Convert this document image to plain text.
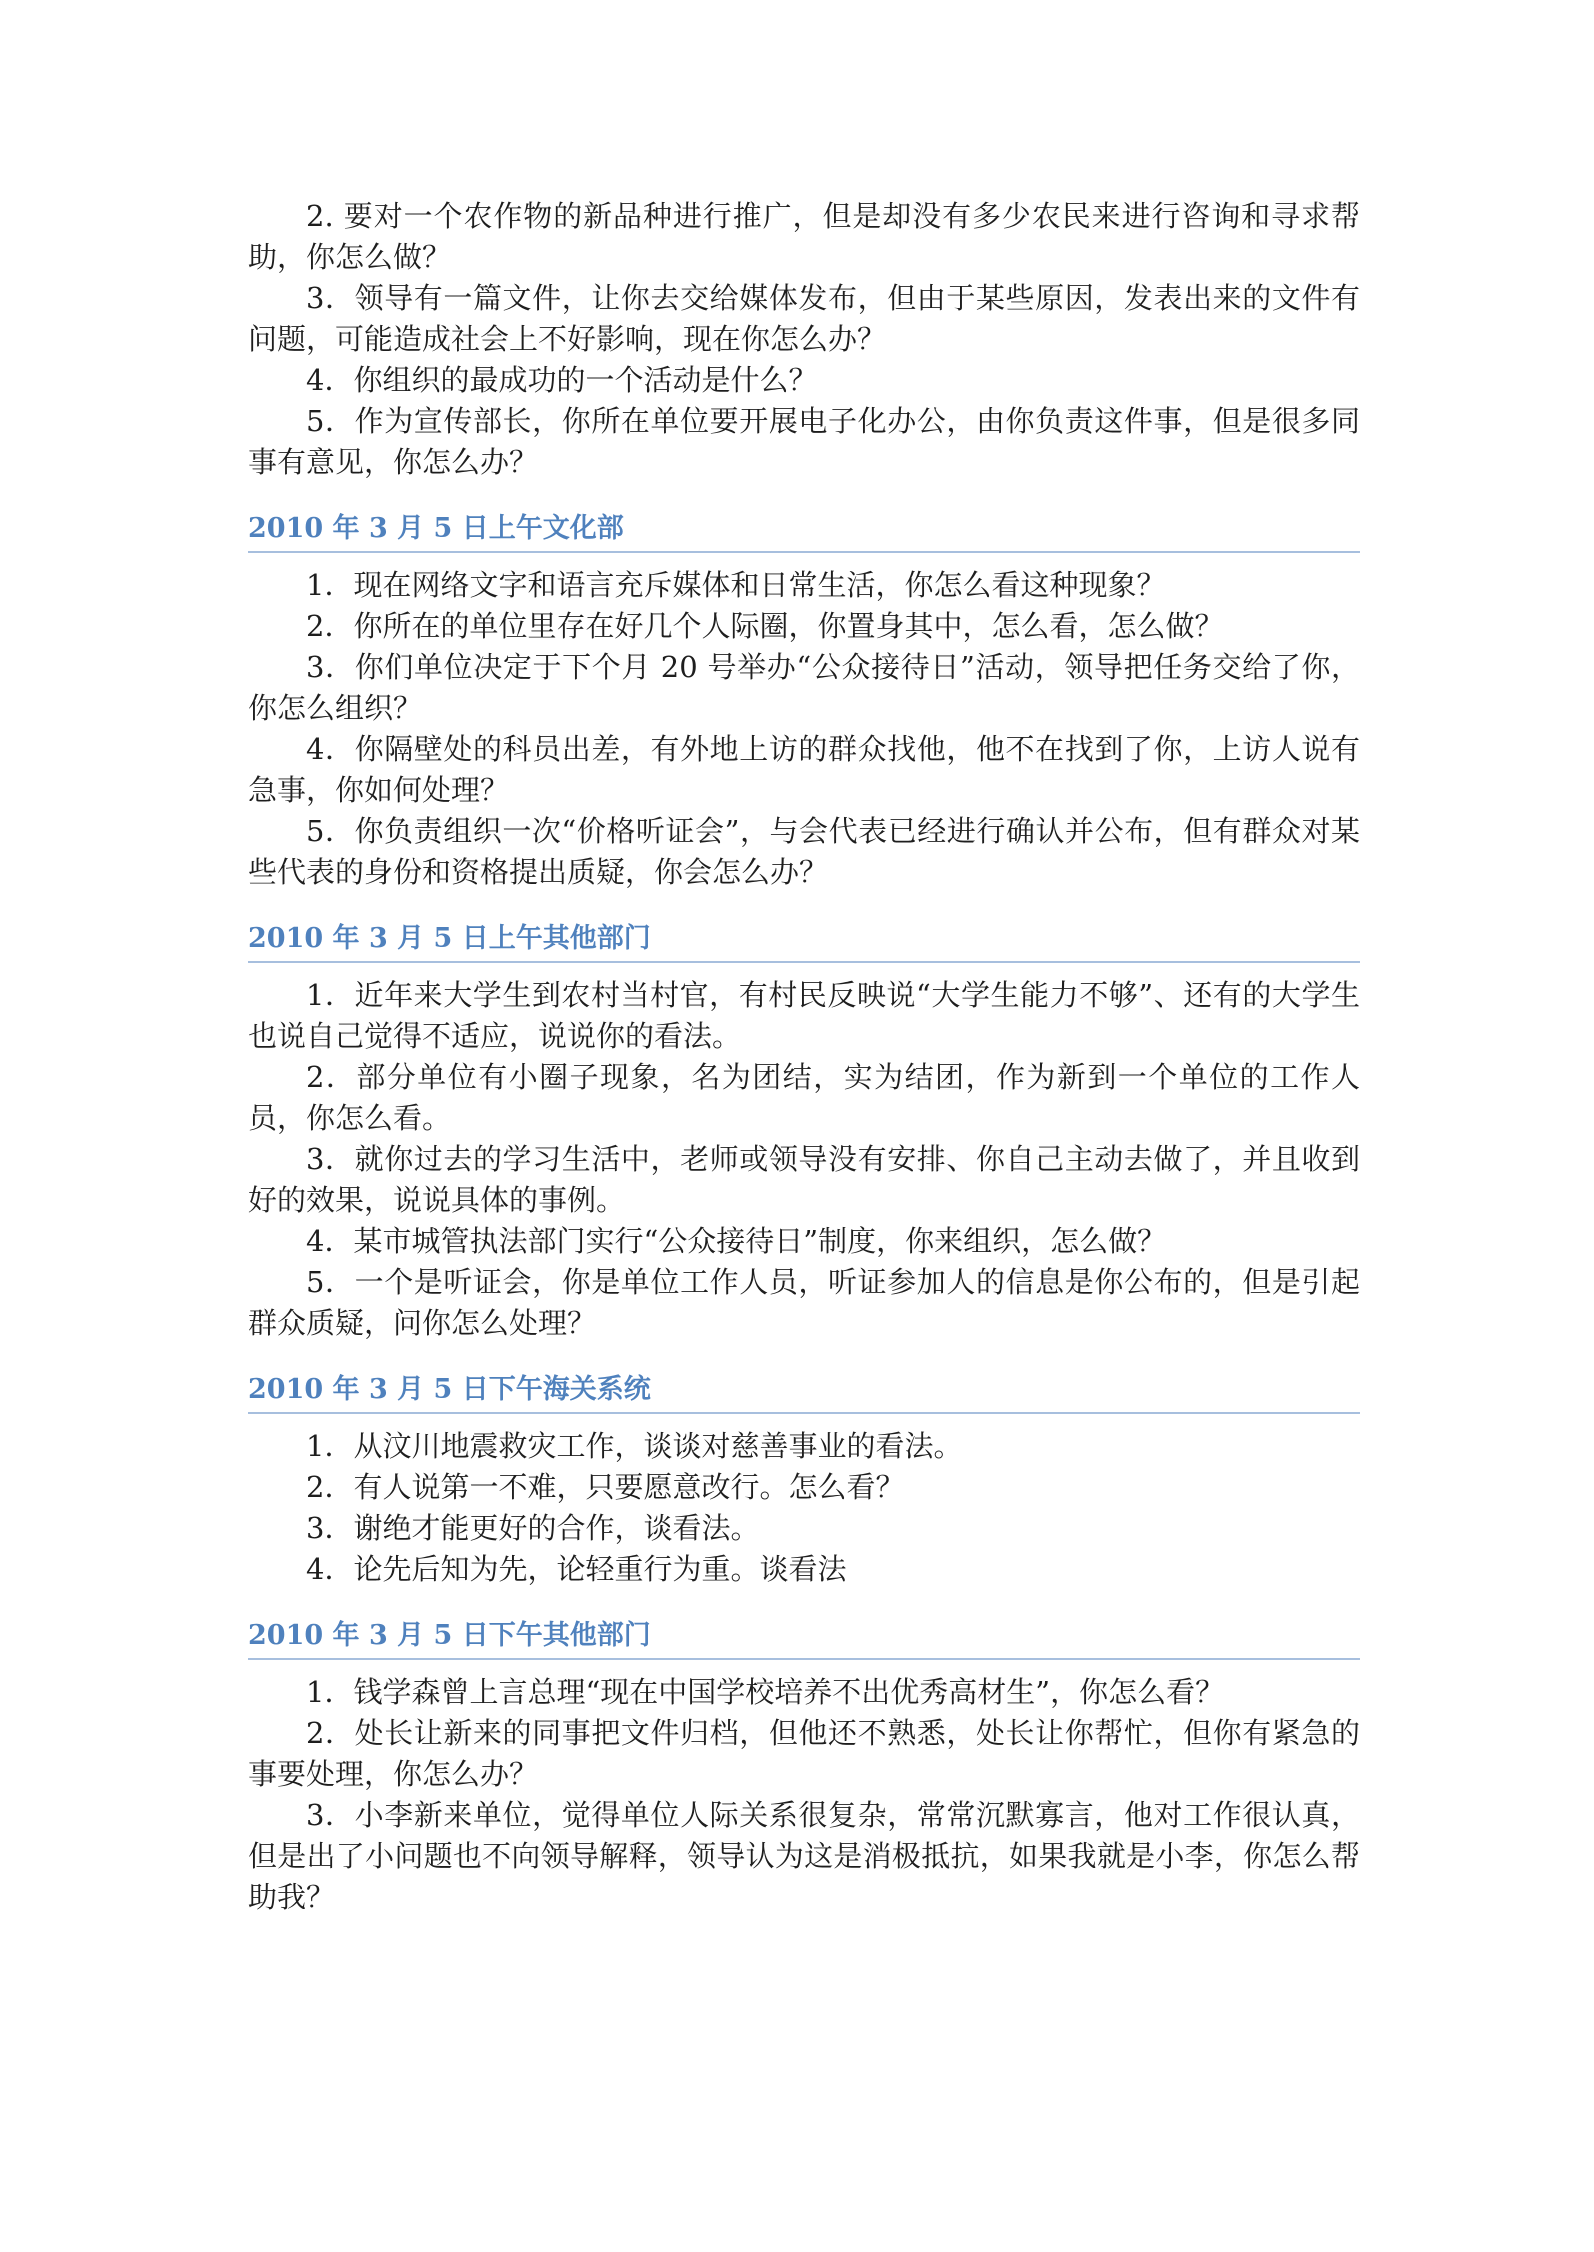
2. 要对一个农作物的新品种进行推广，但是却没有多少农民来进行咨询和寻求帮助，你怎么做？

3．领导有一篇文件，让你去交给媒体发布，但由于某些原因，发表出来的文件有问题，可能造成社会上不好影响，现在你怎么办？

4．你组织的最成功的一个活动是什么？

5．作为宣传部长，你所在单位要开展电子化办公，由你负责这件事，但是很多同事有意见，你怎么办？

2010 年 3 月 5 日上午文化部

1．现在网络文字和语言充斥媒体和日常生活，你怎么看这种现象？

2．你所在的单位里存在好几个人际圈，你置身其中，怎么看，怎么做？

3．你们单位决定于下个月 20 号举办“公众接待日”活动，领导把任务交给了你，你怎么组织？

4．你隔壁处的科员出差，有外地上访的群众找他，他不在找到了你，上访人说有急事，你如何处理？

5．你负责组织一次“价格听证会”，与会代表已经进行确认并公布，但有群众对某些代表的身份和资格提出质疑，你会怎么办？

2010 年 3 月 5 日上午其他部门

1．近年来大学生到农村当村官，有村民反映说“大学生能力不够”、还有的大学生也说自己觉得不适应，说说你的看法。

2．部分单位有小圈子现象，名为团结，实为结团，作为新到一个单位的工作人员，你怎么看。

3．就你过去的学习生活中，老师或领导没有安排、你自己主动去做了，并且收到好的效果，说说具体的事例。

4．某市城管执法部门实行“公众接待日”制度，你来组织，怎么做？

5．一个是听证会，你是单位工作人员，听证参加人的信息是你公布的，但是引起群众质疑，问你怎么处理？

2010 年 3 月 5 日下午海关系统

1．从汶川地震救灾工作，谈谈对慈善事业的看法。

2．有人说第一不难，只要愿意改行。怎么看？

3．谢绝才能更好的合作，谈看法。

4．论先后知为先，论轻重行为重。谈看法

2010 年 3 月 5 日下午其他部门

1．钱学森曾上言总理“现在中国学校培养不出优秀高材生”，你怎么看？

2．处长让新来的同事把文件归档，但他还不熟悉，处长让你帮忙，但你有紧急的事要处理，你怎么办？

3．小李新来单位，觉得单位人际关系很复杂，常常沉默寡言，他对工作很认真，但是出了小问题也不向领导解释，领导认为这是消极抵抗，如果我就是小李，你怎么帮助我？
